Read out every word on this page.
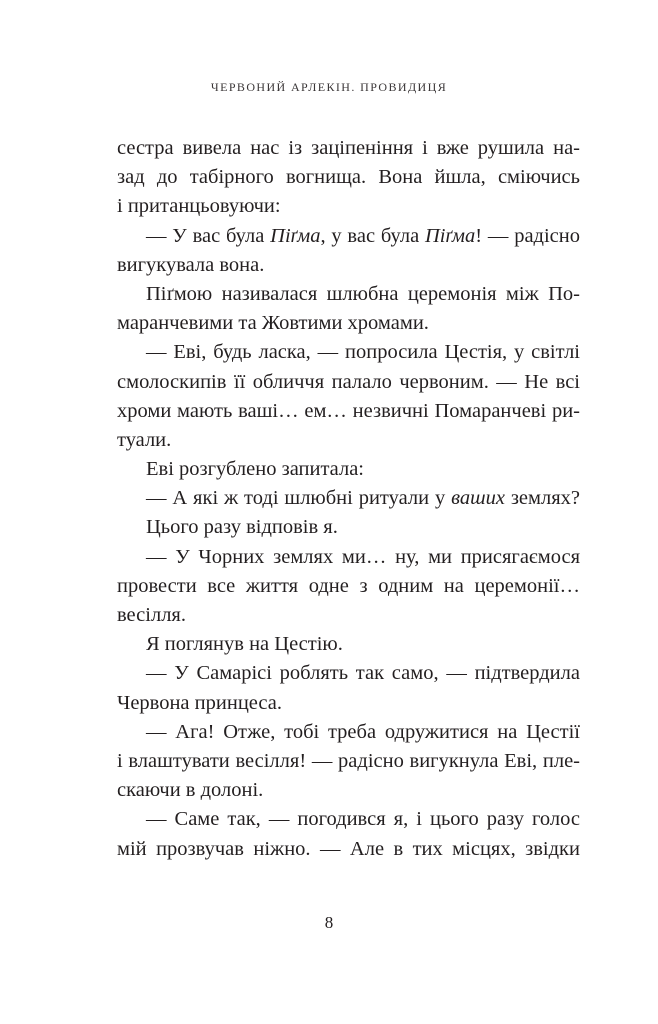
ЧЕРВОНИЙ АРЛЕКІН. ПРОВИДИЦЯ
сестра вивела нас із заціпеніння і вже рушила на-
зад до табірного вогнища. Вона йшла, сміючись
і пританцьовуючи:
— У вас була Піґма, у вас була Піґма! — радісно
вигукувала вона.
Піґмою називалася шлюбна церемонія між По-
маранчевими та Жовтими хромами.
— Еві, будь ласка, — попросила Цестія, у світлі
смолоскипів її обличчя палало червоним. — Не всі
хроми мають ваші… ем… незвичні Помаранчеві ри-
туали.
Еві розгублено запитала:
— А які ж тоді шлюбні ритуали у ваших землях?
Цього разу відповів я.
— У Чорних землях ми… ну, ми присягаємося
провести все життя одне з одним на церемонії…
весілля.
Я поглянув на Цестію.
— У Самарісі роблять так само, — підтвердила
Червона принцеса.
— Ага! Отже, тобі треба одружитися на Цестії
і влаштувати весілля! — радісно вигукнула Еві, пле-
скаючи в долоні.
— Саме так, — погодився я, і цього разу голос
мій прозвучав ніжно. — Але в тих місцях, звідки
8
